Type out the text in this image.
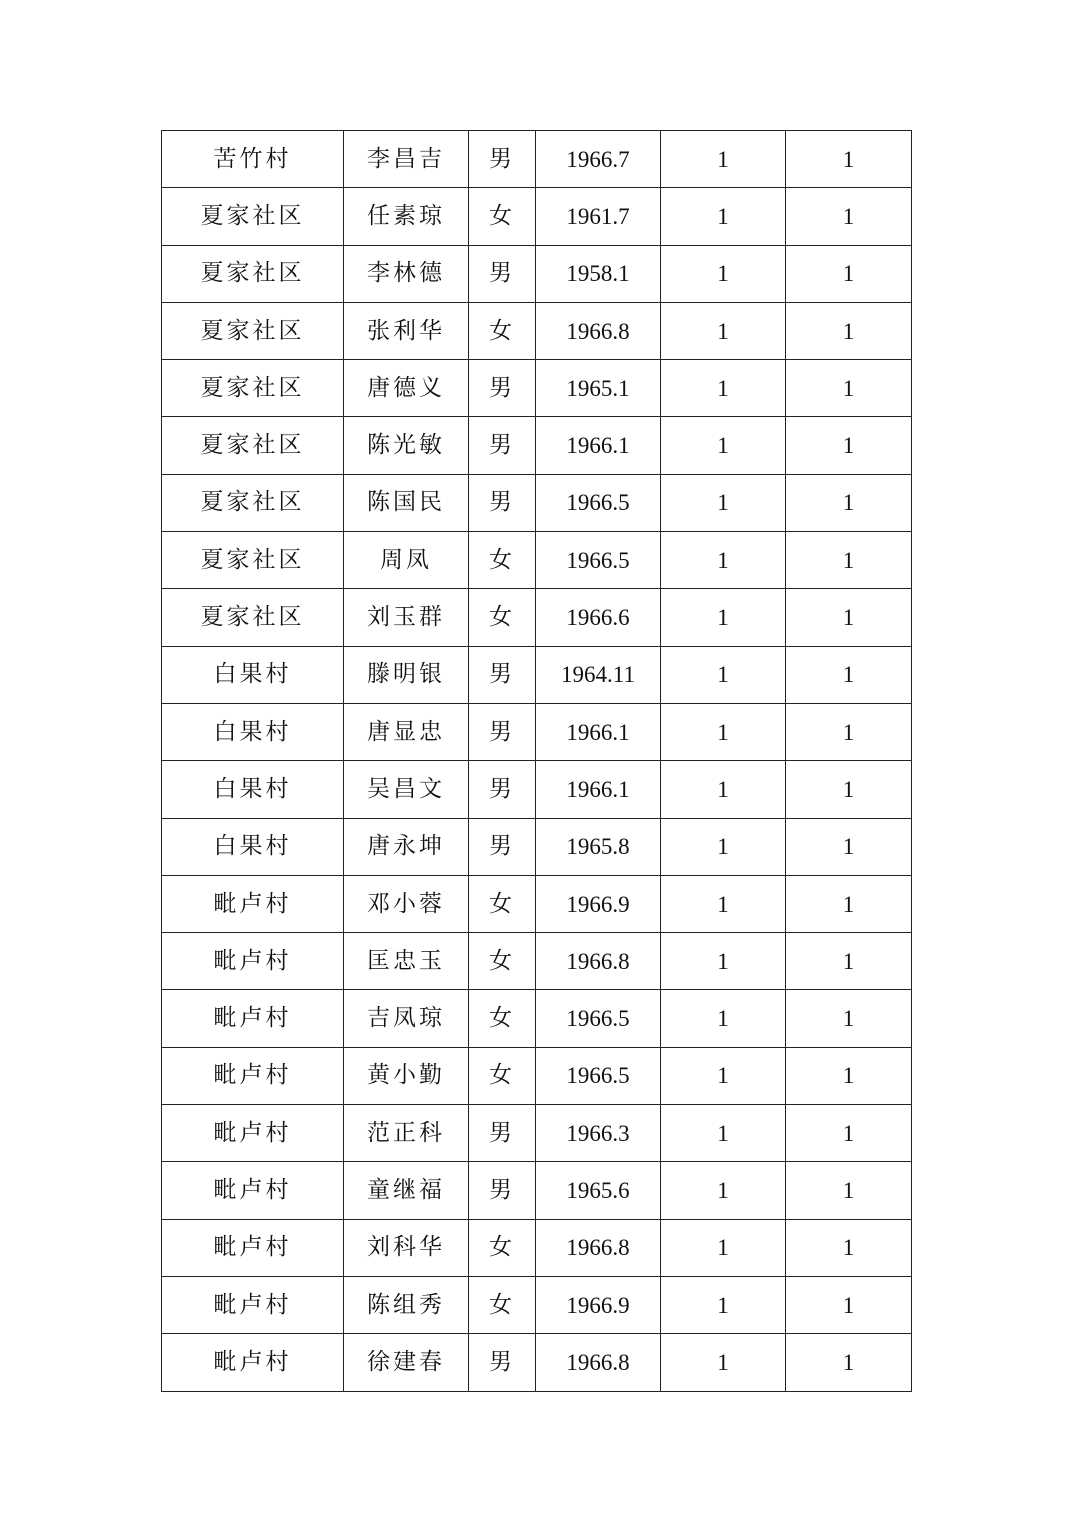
苦竹村	李昌吉	男	1966.7	1	1
夏家社区	任素琼	女	1961.7	1	1
夏家社区	李林德	男	1958.1	1	1
夏家社区	张利华	女	1966.8	1	1
夏家社区	唐德义	男	1965.1	1	1
夏家社区	陈光敏	男	1966.1	1	1
夏家社区	陈国民	男	1966.5	1	1
夏家社区	周凤	女	1966.5	1	1
夏家社区	刘玉群	女	1966.6	1	1
白果村	滕明银	男	1964.11	1	1
白果村	唐显忠	男	1966.1	1	1
白果村	吴昌文	男	1966.1	1	1
白果村	唐永坤	男	1965.8	1	1
毗卢村	邓小蓉	女	1966.9	1	1
毗卢村	匡忠玉	女	1966.8	1	1
毗卢村	吉凤琼	女	1966.5	1	1
毗卢村	黄小勤	女	1966.5	1	1
毗卢村	范正科	男	1966.3	1	1
毗卢村	童继福	男	1965.6	1	1
毗卢村	刘科华	女	1966.8	1	1
毗卢村	陈组秀	女	1966.9	1	1
毗卢村	徐建春	男	1966.8	1	1
